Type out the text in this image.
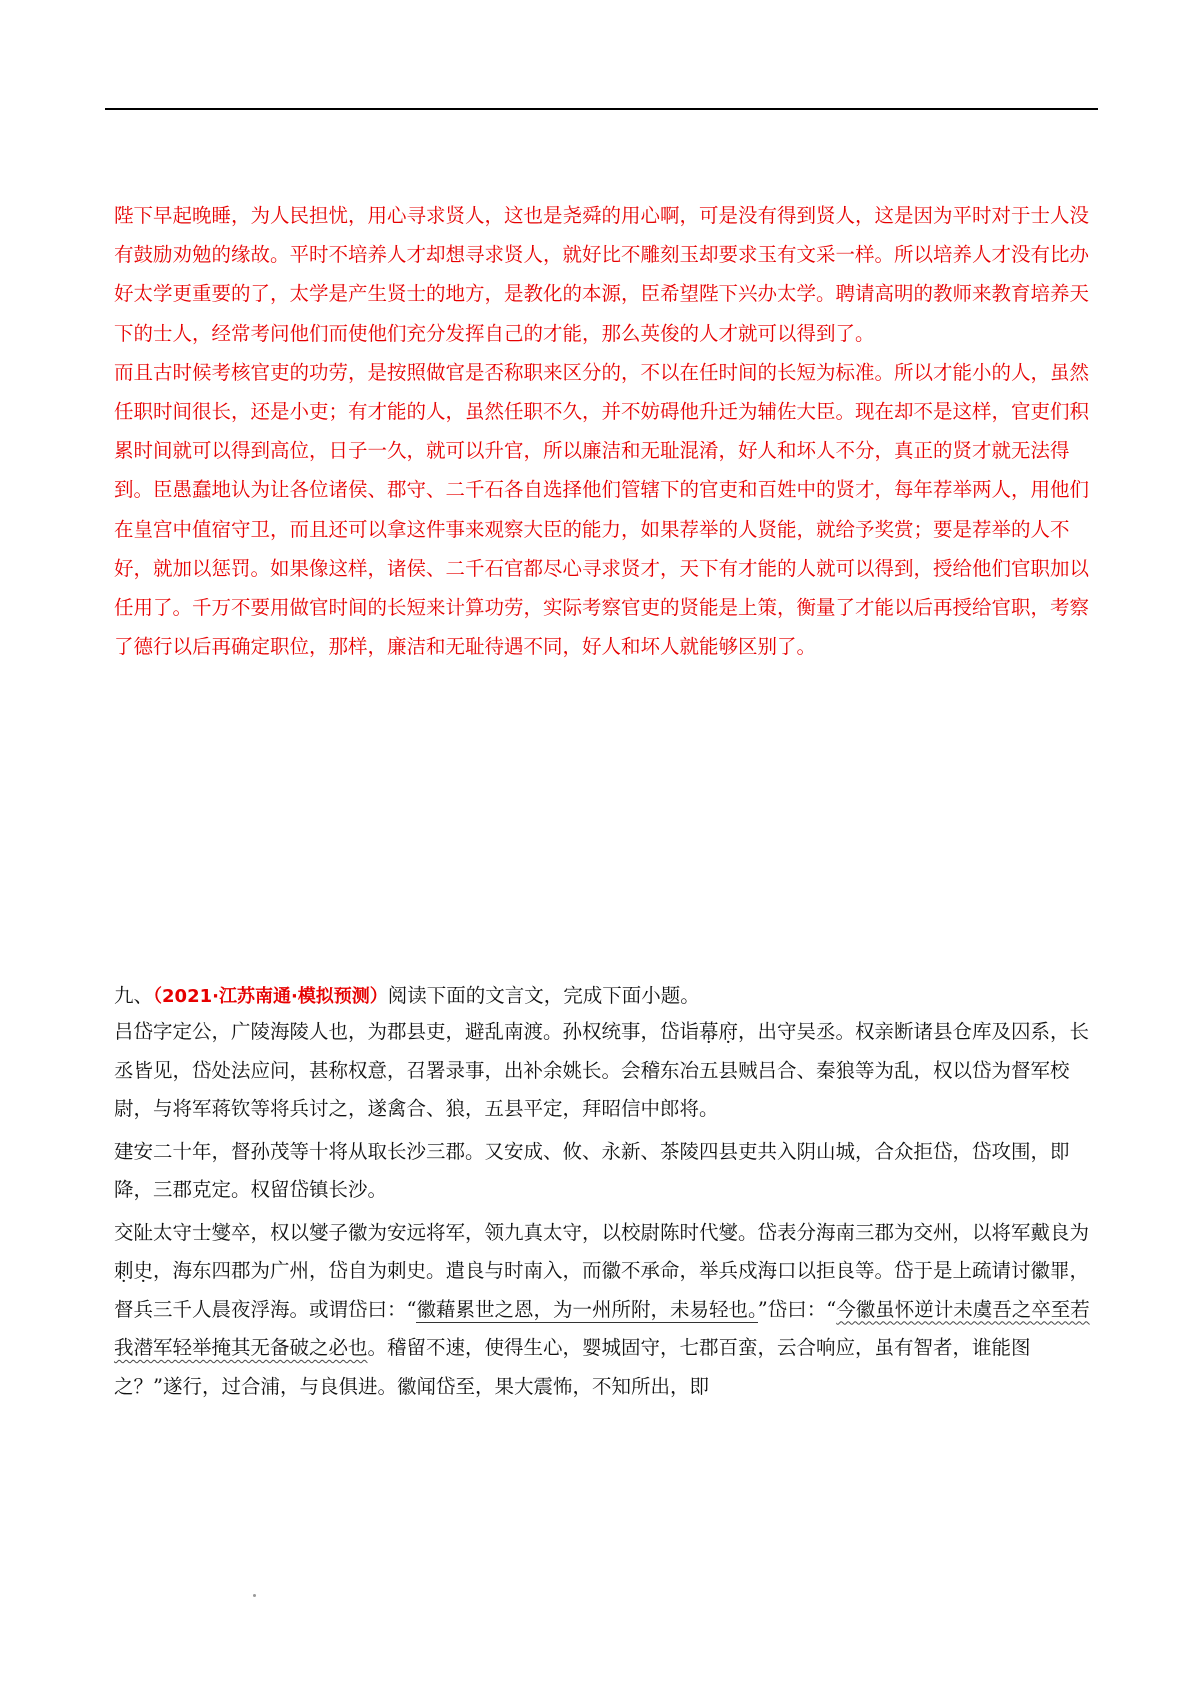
陛下早起晚睡，为人民担忧，用心寻求贤人，这也是尧舜的用心啊，可是没有得到贤人，这是因为平时对于士人没有鼓励劝勉的缘故。平时不培养人才却想寻求贤人，就好比不雕刻玉却要求玉有文采一样。所以培养人才没有比办好太学更重要的了，太学是产生贤士的地方，是教化的本源，臣希望陛下兴办太学。聘请高明的教师来教育培养天下的士人，经常考问他们而使他们充分发挥自己的才能，那么英俊的人才就可以得到了。

而且古时候考核官吏的功劳，是按照做官是否称职来区分的，不以在任时间的长短为标准。所以才能小的人，虽然任职时间很长，还是小吏；有才能的人，虽然任职不久，并不妨碍他升迁为辅佐大臣。现在却不是这样，官吏们积累时间就可以得到高位，日子一久，就可以升官，所以廉洁和无耻混淆，好人和坏人不分，真正的贤才就无法得到。臣愚蠢地认为让各位诸侯、郡守、二千石各自选择他们管辖下的官吏和百姓中的贤才，每年荐举两人，用他们在皇宫中值宿守卫，而且还可以拿这件事来观察大臣的能力，如果荐举的人贤能，就给予奖赏；要是荐举的人不好，就加以惩罚。如果像这样，诸侯、二千石官都尽心寻求贤才，天下有才能的人就可以得到，授给他们官职加以任用了。千万不要用做官时间的长短来计算功劳，实际考察官吏的贤能是上策，衡量了才能以后再授给官职，考察了德行以后再确定职位，那样，廉洁和无耻待遇不同，好人和坏人就能够区别了。

九、（2021·江苏南通·模拟预测）阅读下面的文言文，完成下面小题。

吕岱字定公，广陵海陵人也，为郡县吏，避乱南渡。孙权统事，岱诣幕府，出守吴丞。权亲断诸县仓库及囚系，长丞皆见，岱处法应问，甚称权意，召署录事，出补余姚长。会稽东冶五县贼吕合、秦狼等为乱，权以岱为督军校尉，与将军蒋钦等将兵讨之，遂禽合、狼，五县平定，拜昭信中郎将。

建安二十年，督孙茂等十将从取长沙三郡。又安成、攸、永新、茶陵四县吏共入阴山城，合众拒岱，岱攻围，即降，三郡克定。权留岱镇长沙。

交阯太守士燮卒，权以燮子徽为安远将军，领九真太守，以校尉陈时代燮。岱表分海南三郡为交州，以将军戴良为刺史，海东四郡为广州，岱自为刺史。遣良与时南入，而徽不承命，举兵戍海口以拒良等。岱于是上疏请讨徽罪，督兵三千人晨夜浮海。或谓岱曰：“徽藉累世之恩，为一州所附，未易轻也。”岱曰：“今徽虽怀逆计未虞吾之卒至若我潜军轻举掩其无备破之必也。稽留不速，使得生心，婴城固守，七郡百蛮，云合响应，虽有智者，谁能图之？”遂行，过合浦，与良俱进。徽闻岱至，果大震怖，不知所出，即
